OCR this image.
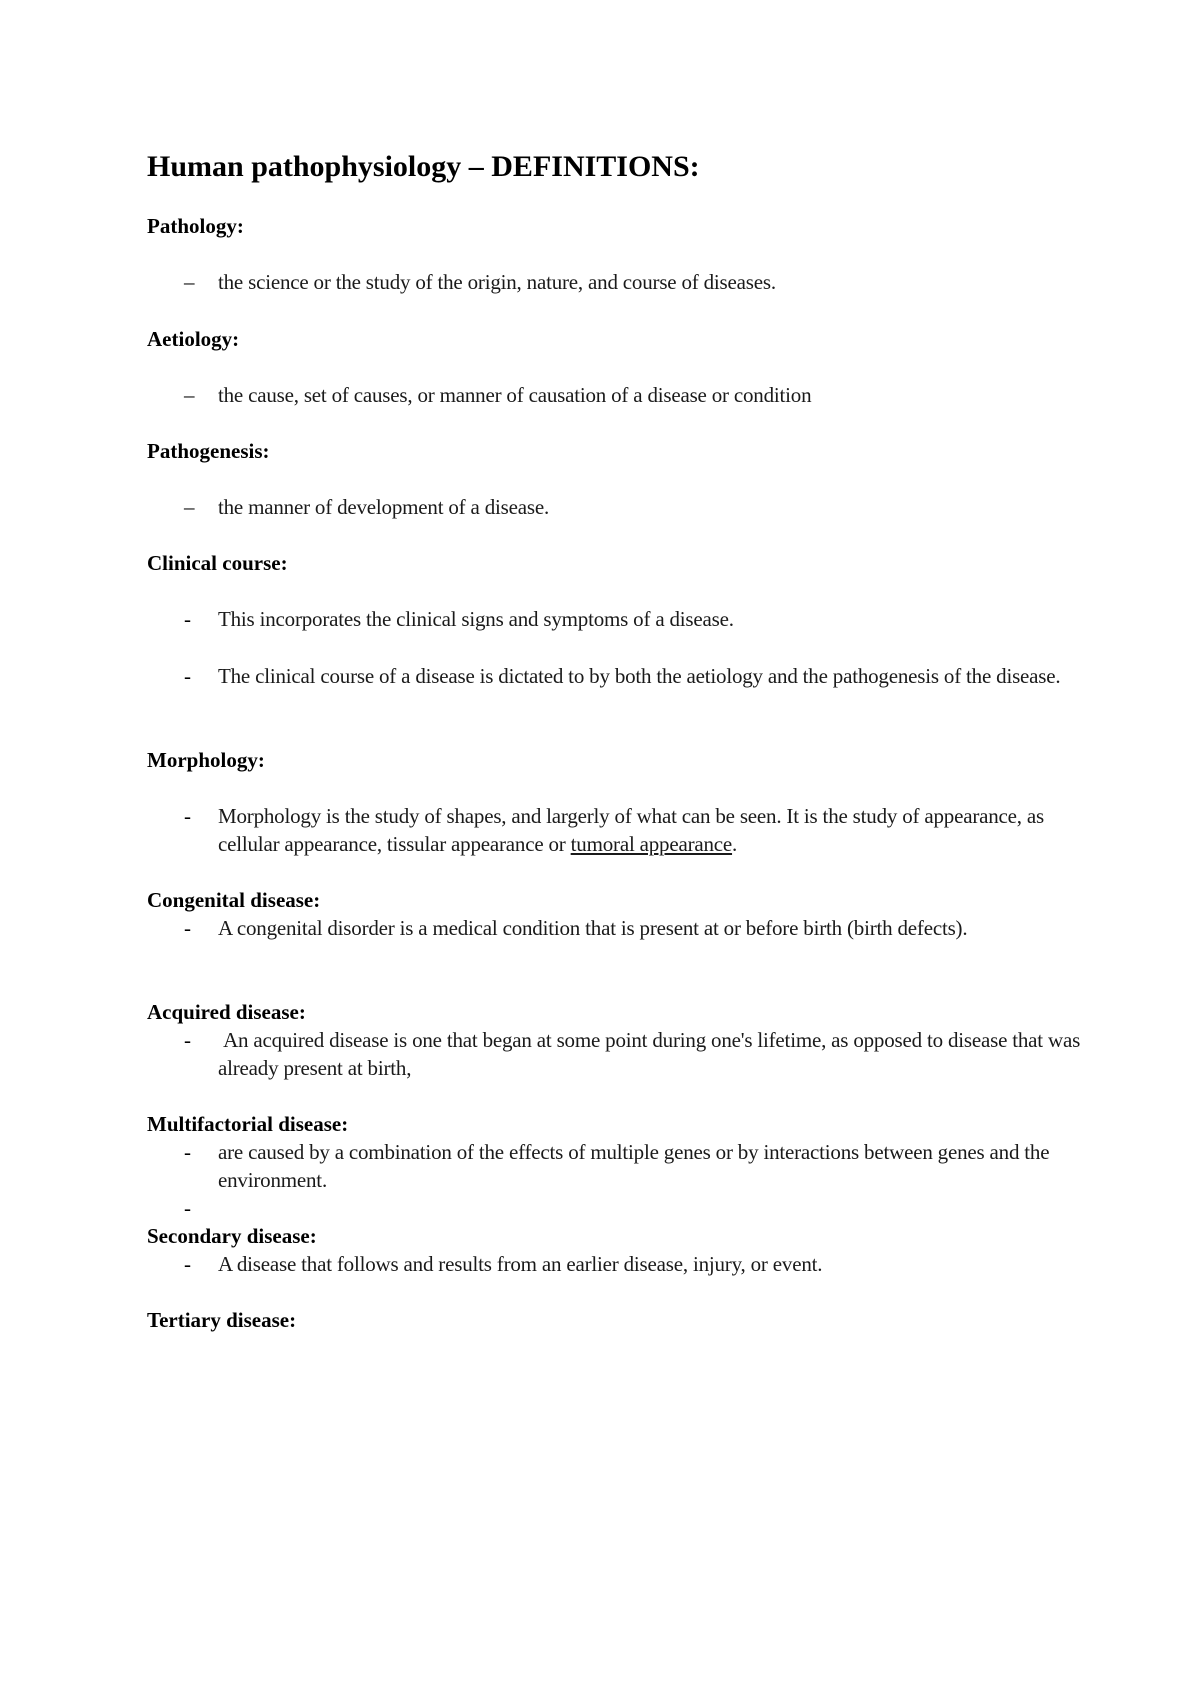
Human pathophysiology – DEFINITIONS:
Pathology:
–	the science or the study of the origin, nature, and course of diseases.
Aetiology:
–	the cause, set of causes, or manner of causation of a disease or condition
Pathogenesis:
–	the manner of development of a disease.
Clinical course:
-	This incorporates the clinical signs and symptoms of a disease.
-	The clinical course of a disease is dictated to by both the aetiology and the pathogenesis of the disease.
Morphology:
-	Morphology is the study of shapes, and largerly of what can be seen. It is the study of appearance, as cellular appearance, tissular appearance or tumoral appearance.
Congenital disease:
-	A congenital disorder is a medical condition that is present at or before birth (birth defects).
Acquired disease:
-	An acquired disease is one that began at some point during one's lifetime, as opposed to disease that was already present at birth,
Multifactorial disease:
-	are caused by a combination of the effects of multiple genes or by interactions between genes and the environment.
-
Secondary disease:
-	A disease that follows and results from an earlier disease, injury, or event.
Tertiary disease:
